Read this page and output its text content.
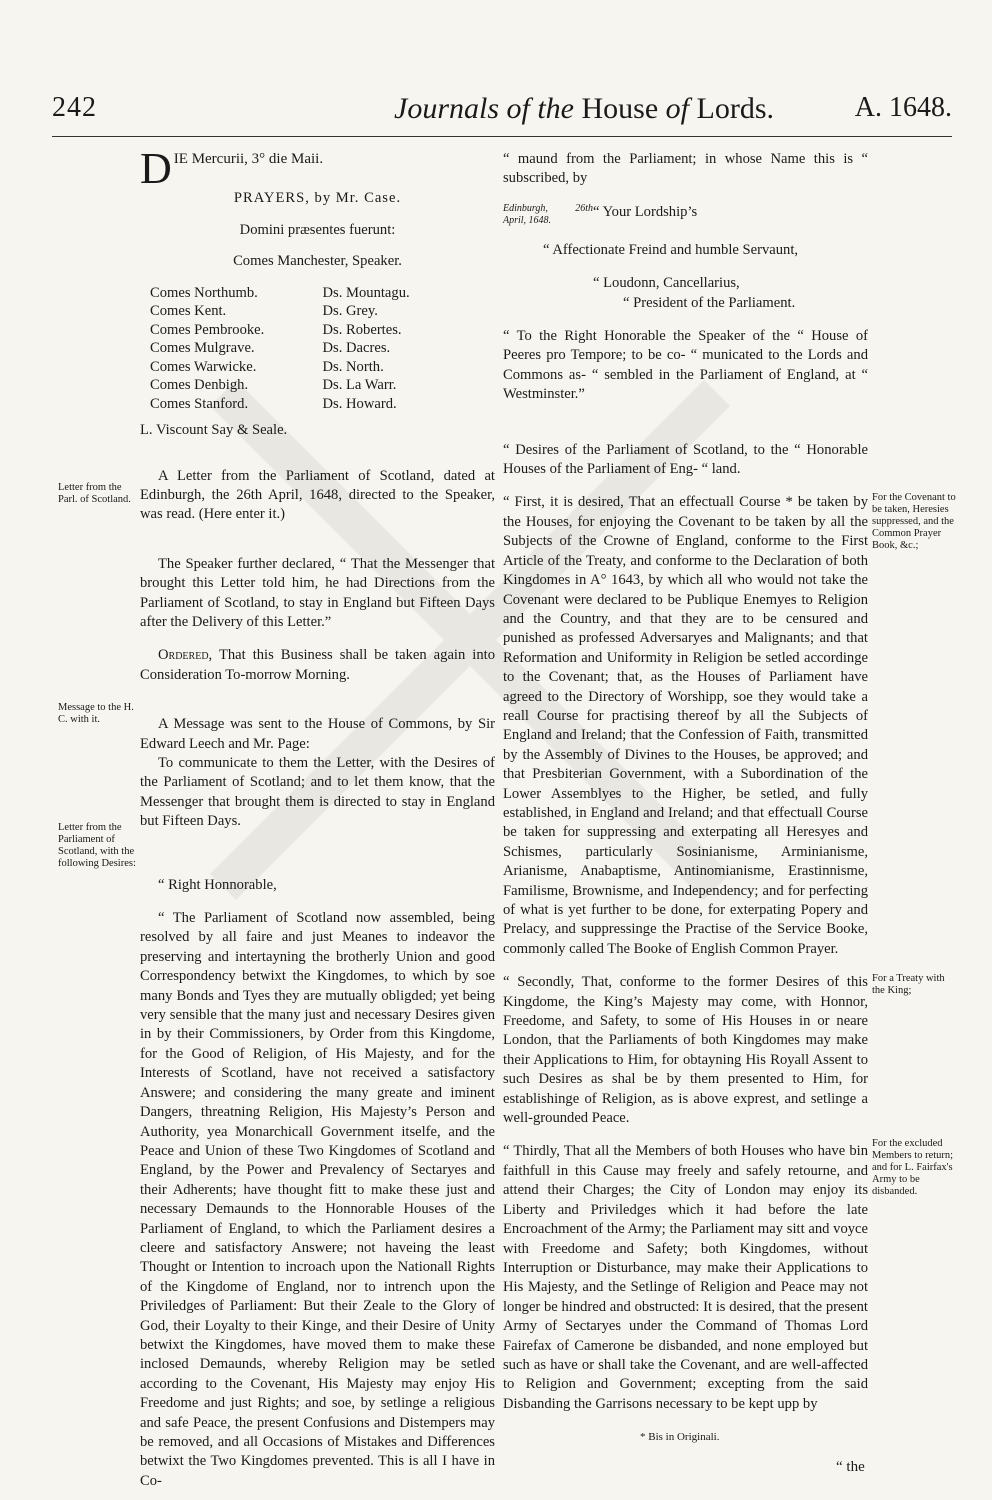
242	Journals of the House of Lords.	A. 1648.
Letter from the Parl. of Scotland.
Message to the H. C. with it.
Letter from the Parliament of Scotland, with the following Desires:

DIE Mercurii, 3° die Maii.

PRAYERS, by Mr. Case.

Domini præsentes fuerunt:

Comes Manchester, Speaker.

Comes Northumb.
Comes Kent.
Comes Pembrooke.
Comes Mulgrave.
Comes Warwicke.
Comes Denbigh.
Comes Stanford.
Ds. Mountagu.
Ds. Grey.
Ds. Robertes.
Ds. Dacres.
Ds. North.
Ds. La Warr.
Ds. Howard.

L. Viscount Say & Seale.

A Letter from the Parliament of Scotland, dated at Edinburgh, the 26th April, 1648, directed to the Speaker, was read. (Here enter it.)

The Speaker further declared, “ That the Messenger that brought this Letter told him, he had Directions from the Parliament of Scotland, to stay in England but Fifteen Days after the Delivery of this Letter.”

Ordered, That this Business shall be taken again into Consideration To-morrow Morning.

A Message was sent to the House of Commons, by Sir Edward Leech and Mr. Page:

To communicate to them the Letter, with the Desires of the Parliament of Scotland; and to let them know, that the Messenger that brought them is directed to stay in England but Fifteen Days.

“ Right Honnorable,

“ The Parliament of Scotland now assembled, being resolved by all faire and just Meanes to indeavor the preserving and intertayning the brotherly Union and good Correspondency betwixt the Kingdomes, to which by soe many Bonds and Tyes they are mutually obligded; yet being very sensible that the many just and necessary Desires given in by their Commissioners, by Order from this Kingdome, for the Good of Religion, of His Majesty, and for the Interests of Scotland, have not received a satisfactory Answere; and considering the many greate and iminent Dangers, threatning Religion, His Majesty’s Person and Authority, yea Monarchicall Government itselfe, and the Peace and Union of these Two Kingdomes of Scotland and England, by the Power and Prevalency of Sectaryes and their Adherents; have thought fitt to make these just and necessary Demaunds to the Honnorable Houses of the Parliament of England, to which the Parliament desires a cleere and satisfactory Answere; not haveing the least Thought or Intention to incroach upon the Nationall Rights of the Kingdome of England, nor to intrench upon the Priviledges of Parliament: But their Zeale to the Glory of God, their Loyalty to their Kinge, and their Desire of Unity betwixt the Kingdomes, have moved them to make these inclosed Demaunds, whereby Religion may be setled according to the Covenant, His Majesty may enjoy His Freedome and just Rights; and soe, by setlinge a religious and safe Peace, the present Confusions and Distempers may be removed, and all Occasions of Mistakes and Differences betwixt the Two Kingdomes prevented. This is all I have in Co-

“ maund from the Parliament; in whose Name this is “ subscribed, by

Edinburgh, 26th April, 1648.
“ Your Lordship’s

“ Affectionate Freind and humble Servaunt,

“ Loudonn, Cancellarius,

“ President of the Parliament.

“ To the Right Honorable the Speaker of the “ House of Peeres pro Tempore; to be co- “ municated to the Lords and Commons as- “ sembled in the Parliament of England, at “ Westminster.”

“ Desires of the Parliament of Scotland, to the “ Honorable Houses of the Parliament of Eng- “ land.

“ First, it is desired, That an effectuall Course * be taken by the Houses, for enjoying the Covenant to be taken by all the Subjects of the Crowne of England, conforme to the First Article of the Treaty, and conforme to the Declaration of both Kingdomes in A° 1643, by which all who would not take the Covenant were declared to be Publique Enemyes to Religion and the Country, and that they are to be censured and punished as professed Adversaryes and Malignants; and that Reformation and Uniformity in Religion be setled accordinge to the Covenant; that, as the Houses of Parliament have agreed to the Directory of Worshipp, soe they would take a reall Course for practising thereof by all the Subjects of England and Ireland; that the Confession of Faith, transmitted by the Assembly of Divines to the Houses, be approved; and that Presbiterian Government, with a Subordination of the Lower Assemblyes to the Higher, be setled, and fully established, in England and Ireland; and that effectuall Course be taken for suppressing and exterpating all Heresyes and Schismes, particularly Sosinianisme, Arminianisme, Arianisme, Anabaptisme, Antinomianisme, Erastinnisme, Familisme, Brownisme, and Independency; and for perfecting of what is yet further to be done, for exterpating Popery and Prelacy, and suppressinge the Practise of the Service Booke, commonly called The Booke of English Common Prayer.

“ Secondly, That, conforme to the former Desires of this Kingdome, the King’s Majesty may come, with Honnor, Freedome, and Safety, to some of His Houses in or neare London, that the Parliaments of both Kingdomes may make their Applications to Him, for obtayning His Royall Assent to such Desires as shal be by them presented to Him, for establishinge of Religion, as is above exprest, and setlinge a well-grounded Peace.

“ Thirdly, That all the Members of both Houses who have bin faithfull in this Cause may freely and safely retourne, and attend their Charges; the City of London may enjoy its Liberty and Priviledges which it had before the late Encroachment of the Army; the Parliament may sitt and voyce with Freedome and Safety; both Kingdomes, without Interruption or Disturbance, may make their Applications to His Majesty, and the Setlinge of Religion and Peace may not longer be hindred and obstructed: It is desired, that the present Army of Sectaryes under the Command of Thomas Lord Fairefax of Camerone be disbanded, and none employed but such as have or shall take the Covenant, and are well-affected to Religion and Government; excepting from the said Disbanding the Garrisons necessary to be kept upp by

For the Covenant to be taken, Heresies suppressed, and the Common Prayer Book, &c.;
For a Treaty with the King;
For the excluded Members to return; and for L. Fairfax's Army to be disbanded.
* Bis in Originali.
“ the
